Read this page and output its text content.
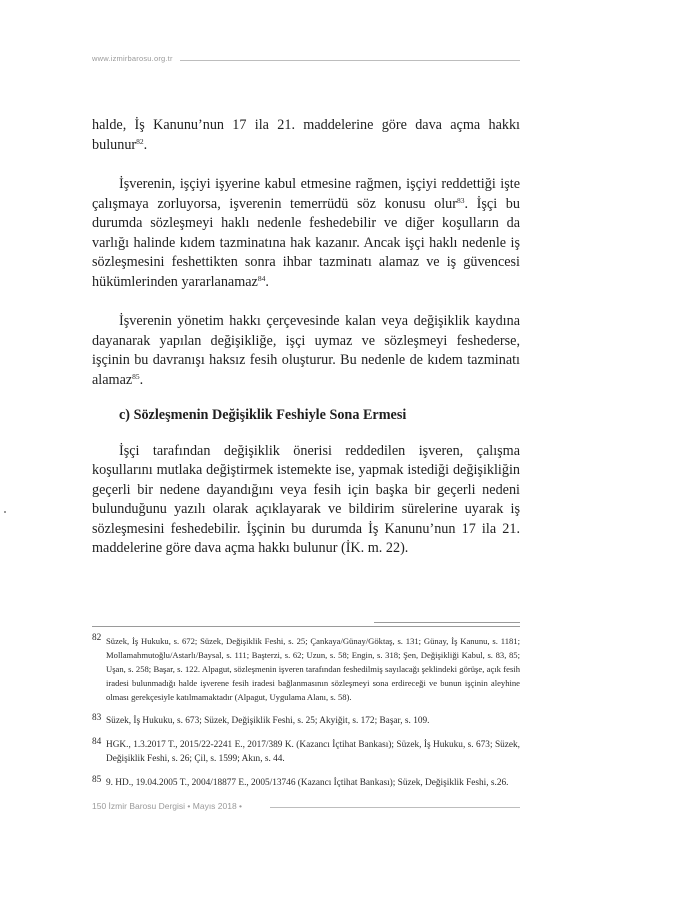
www.izmirbarosu.org.tr

halde, İş Kanunu’nun 17 ila 21. maddelerine göre dava açma hakkı bulunur$^{82}$.

İşverenin, işçiyi işyerine kabul etmesine rağmen, işçiyi reddettiği işte çalışmaya zorluyorsa, işverenin temerrüdü söz konusu olur$^{83}$. İşçi bu durumda sözleşmeyi haklı nedenle feshedebilir ve diğer koşulların da varlığı halinde kıdem tazminatına hak kazanır. Ancak işçi haklı nedenle iş sözleşmesini feshettikten sonra ihbar tazminatı alamaz ve iş güvencesi hükümlerinden yararlanamaz$^{84}$.

İşverenin yönetim hakkı çerçevesinde kalan veya değişiklik kaydına dayanarak yapılan değişikliğe, işçi uymaz ve sözleşmeyi feshederse, işçinin bu davranışı haksız fesih oluşturur. Bu nedenle de kıdem tazminatı alamaz$^{85}$.

c) Sözleşmenin Değişiklik Feshiyle Sona Ermesi

İşçi tarafından değişiklik önerisi reddedilen işveren, çalışma koşullarını mutlaka değiştirmek istemekte ise, yapmak istediği değişikliğin geçerli bir nedene dayandığını veya fesih için başka bir geçerli nedeni bulunduğunu yazılı olarak açıklayarak ve bildirim sürelerine uyarak iş sözleşmesini feshedebilir. İşçinin bu durumda İş Kanunu’nun 17 ila 21. maddelerine göre dava açma hakkı bulunur (İK. m. 22).

82 Süzek, İş Hukuku, s. 672; Süzek, Değişiklik Feshi, s. 25; Çankaya/Günay/Göktaş, s. 131; Günay, İş Kanunu, s. 1181; Mollamahmutoğlu/Astarlı/Baysal, s. 111; Başterzi, s. 62; Uzun, s. 58; Engin, s. 318; Şen, Değişikliği Kabul, s. 83, 85; Uşan, s. 258; Başar, s. 122. Alpagut, sözleşmenin işveren tarafından feshedilmiş sayılacağı şeklindeki görüşe, açık fesih iradesi bulunmadığı halde işverene fesih iradesi bağlanmasının sözleşmeyi sona erdireceği ve bunun işçinin aleyhine olması gerekçesiyle katılmamaktadır (Alpagut, Uygulama Alanı, s. 58).
83 Süzek, İş Hukuku, s. 673; Süzek, Değişiklik Feshi, s. 25; Akyiğit, s. 172; Başar, s. 109.
84 HGK., 1.3.2017 T., 2015/22-2241 E., 2017/389 K. (Kazancı İçtihat Bankası); Süzek, İş Hukuku, s. 673; Süzek, Değişiklik Feshi, s. 26; Çil, s. 1599; Akın, s. 44.
85 9. HD., 19.04.2005 T., 2004/18877 E., 2005/13746 (Kazancı İçtihat Bankası); Süzek, Değişiklik Feshi, s.26.
150 İzmir Barosu Dergisi • Mayıs 2018 •
